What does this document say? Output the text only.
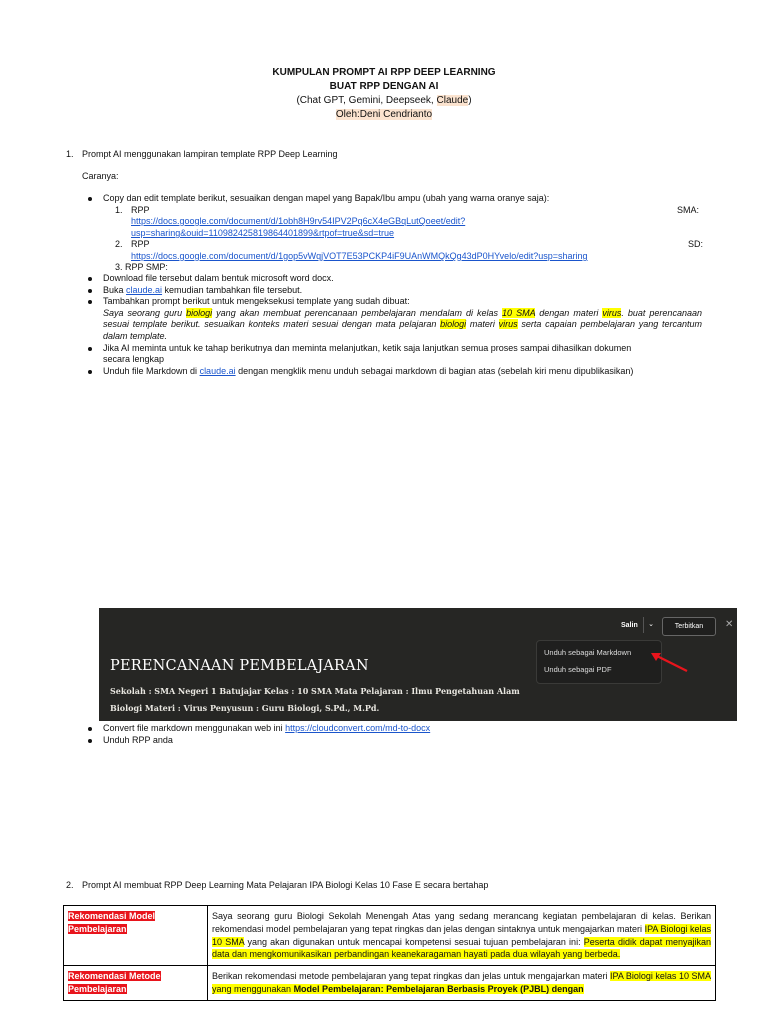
KUMPULAN PROMPT AI RPP DEEP LEARNING
BUAT RPP DENGAN AI
(Chat GPT, Gemini, Deepseek, Claude)
Oleh:Deni Cendrianto
1. Prompt AI menggunakan lampiran template RPP Deep Learning
Caranya:
Copy dan edit template berikut, sesuaikan dengan mapel yang Bapak/Ibu ampu (ubah yang warna oranye saja):
1. RPP	SMA:
https://docs.google.com/document/d/1obh8H9rv54IPV2Pq6cX4eGBqLutQoeet/edit?
usp=sharing&ouid=110982425819864401899&rtpof=true&sd=true
2. RPP	SD:
https://docs.google.com/document/d/1gop5vWqjVOT7E53PCKP4iF9UAnWMQkQg43dP0HYvelo/edit?usp=sharing
3. RPP SMP:
Download file tersebut dalam bentuk microsoft word docx.
Buka claude.ai kemudian tambahkan file tersebut.
Tambahkan prompt berikut untuk mengeksekusi template yang sudah dibuat:
Saya seorang guru biologi yang akan membuat perencanaan pembelajaran mendalam di kelas 10 SMA dengan materi virus. buat perencanaan sesuai template berikut. sesuaikan konteks materi sesuai dengan mata pelajaran biologi materi virus serta capaian pembelajaran yang tercantum dalam template.
Jika AI meminta untuk ke tahap berikutnya dan meminta melanjutkan, ketik saja lanjutkan semua proses sampai dihasilkan dokumen
secara lengkap
Unduh file Markdown di claude.ai dengan mengklik menu unduh sebagai markdown di bagian atas (sebelah kiri menu dipublikasikan)
Salin	⌄	Terbitkan	✕
Unduh sebagai Markdown
Unduh sebagai PDF
PERENCANAAN PEMBELAJARAN
Sekolah : SMA Negeri 1 Batujajar Kelas : 10 SMA Mata Pelajaran : Ilmu Pengetahuan Alam
Biologi Materi : Virus Penyusun : Guru Biologi, S.Pd., M.Pd.
Convert file markdown menggunakan web ini https://cloudconvert.com/md-to-docx
Unduh RPP anda
2. Prompt AI membuat RPP Deep Learning Mata Pelajaran IPA Biologi Kelas 10 Fase E secara bertahap
Rekomendasi Model
Pembelajaran	Saya seorang guru Biologi Sekolah Menengah Atas yang sedang merancang kegiatan pembelajaran di kelas. Berikan rekomendasi model pembelajaran yang tepat ringkas dan jelas dengan sintaknya untuk mengajarkan materi IPA Biologi kelas 10 SMA yang akan digunakan untuk mencapai kompetensi sesuai tujuan pembelajaran ini: Peserta didik dapat menyajikan data dan mengkomunikasikan perbandingan keanekaragaman hayati pada dua wilayah yang berbeda.
Rekomendasi Metode
Pembelajaran	Berikan rekomendasi metode pembelajaran yang tepat ringkas dan jelas untuk mengajarkan materi IPA Biologi kelas 10 SMA yang menggunakan Model Pembelajaran: Pembelajaran Berbasis Proyek (PJBL) dengan
